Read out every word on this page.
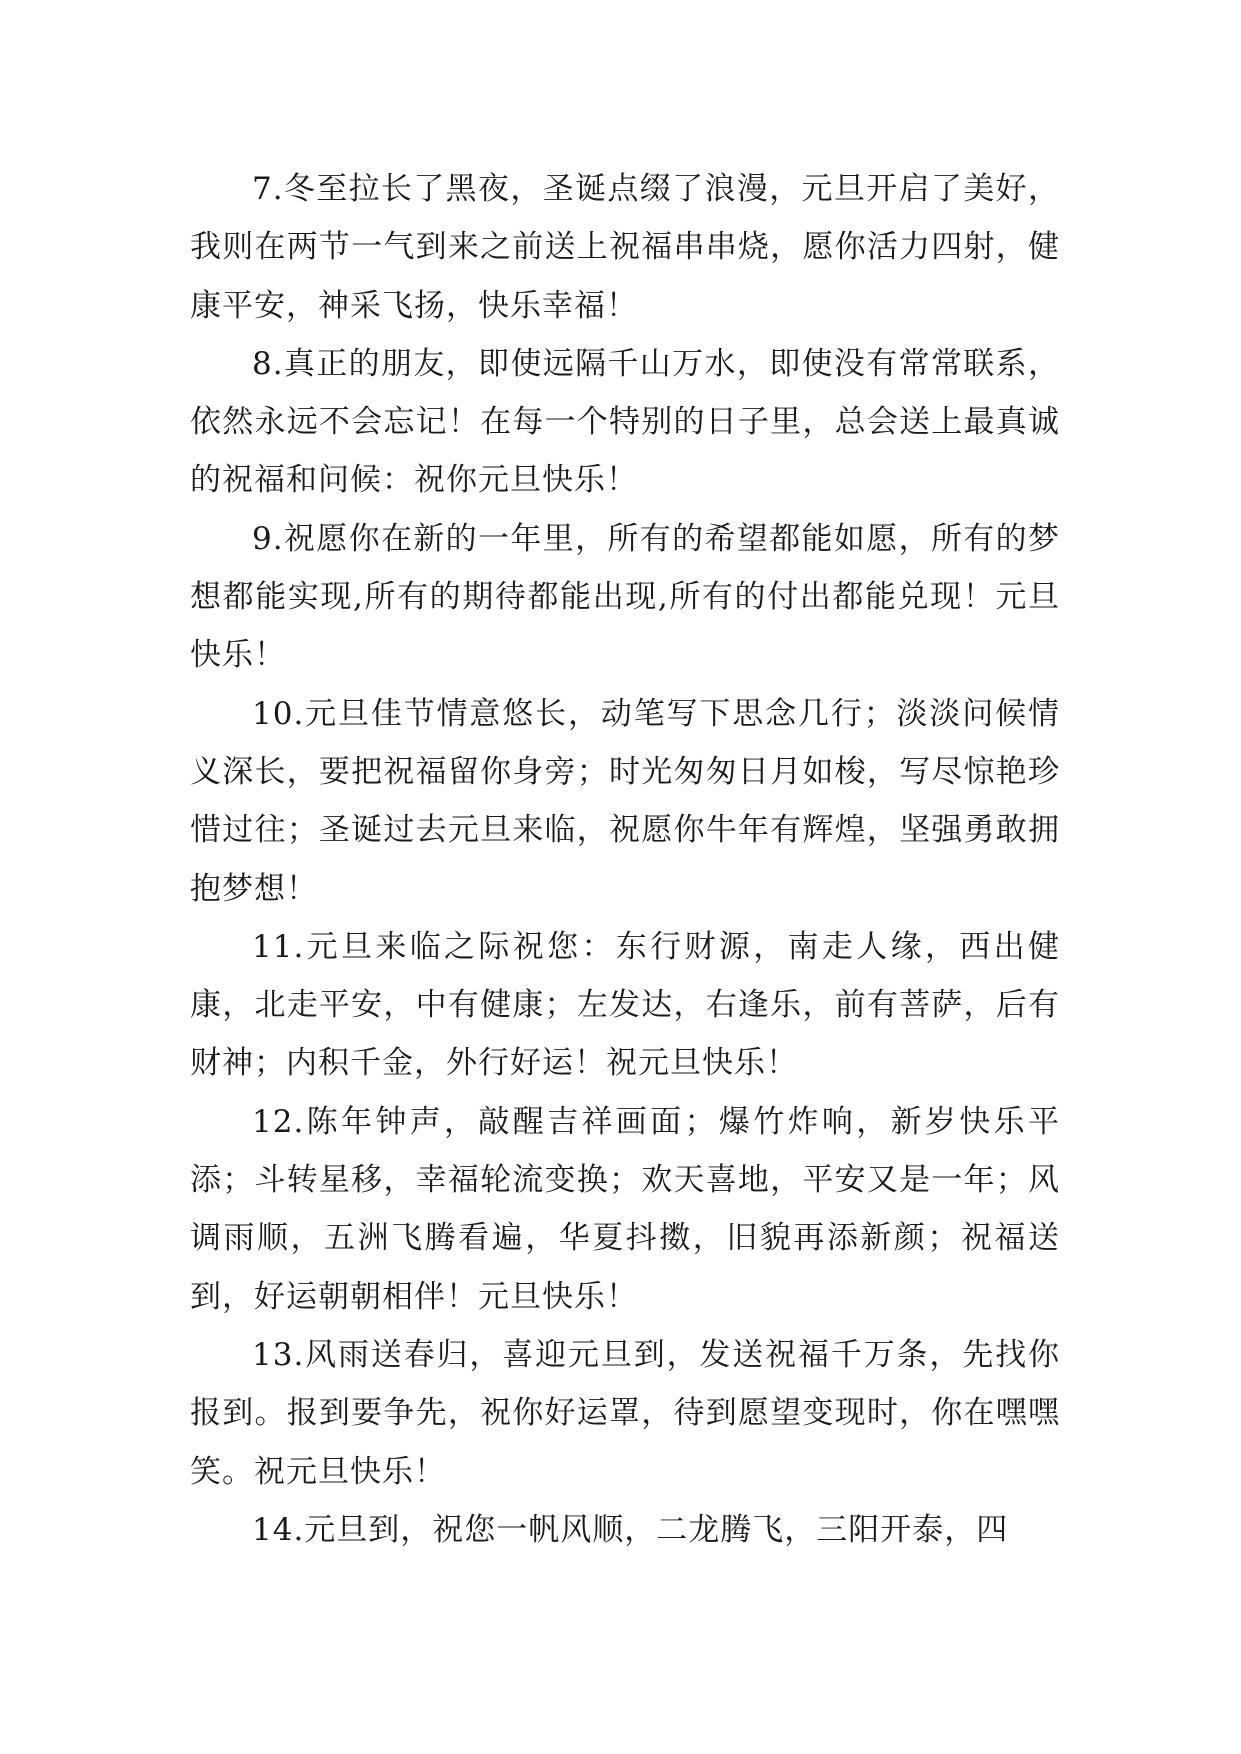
7.冬至拉长了黑夜，圣诞点缀了浪漫，元旦开启了美好，我则在两节一气到来之前送上祝福串串烧，愿你活力四射，健康平安，神采飞扬，快乐幸福！

8.真正的朋友，即使远隔千山万水，即使没有常常联系，依然永远不会忘记！在每一个特别的日子里，总会送上最真诚的祝福和问候：祝你元旦快乐！

9.祝愿你在新的一年里，所有的希望都能如愿，所有的梦想都能实现,所有的期待都能出现,所有的付出都能兑现！元旦快乐！

10.元旦佳节情意悠长，动笔写下思念几行；淡淡问候情义深长，要把祝福留你身旁；时光匆匆日月如梭，写尽惊艳珍惜过往；圣诞过去元旦来临，祝愿你牛年有辉煌，坚强勇敢拥抱梦想！

11.元旦来临之际祝您：东行财源，南走人缘，西出健康，北走平安，中有健康；左发达，右逢乐，前有菩萨，后有财神；内积千金，外行好运！祝元旦快乐！

12.陈年钟声，敲醒吉祥画面；爆竹炸响，新岁快乐平添；斗转星移，幸福轮流变换；欢天喜地，平安又是一年；风调雨顺，五洲飞腾看遍，华夏抖擞，旧貌再添新颜；祝福送到，好运朝朝相伴！元旦快乐！

13.风雨送春归，喜迎元旦到，发送祝福千万条，先找你报到。报到要争先，祝你好运罩，待到愿望变现时，你在嘿嘿笑。祝元旦快乐！

14.元旦到，祝您一帆风顺，二龙腾飞，三阳开泰，四
